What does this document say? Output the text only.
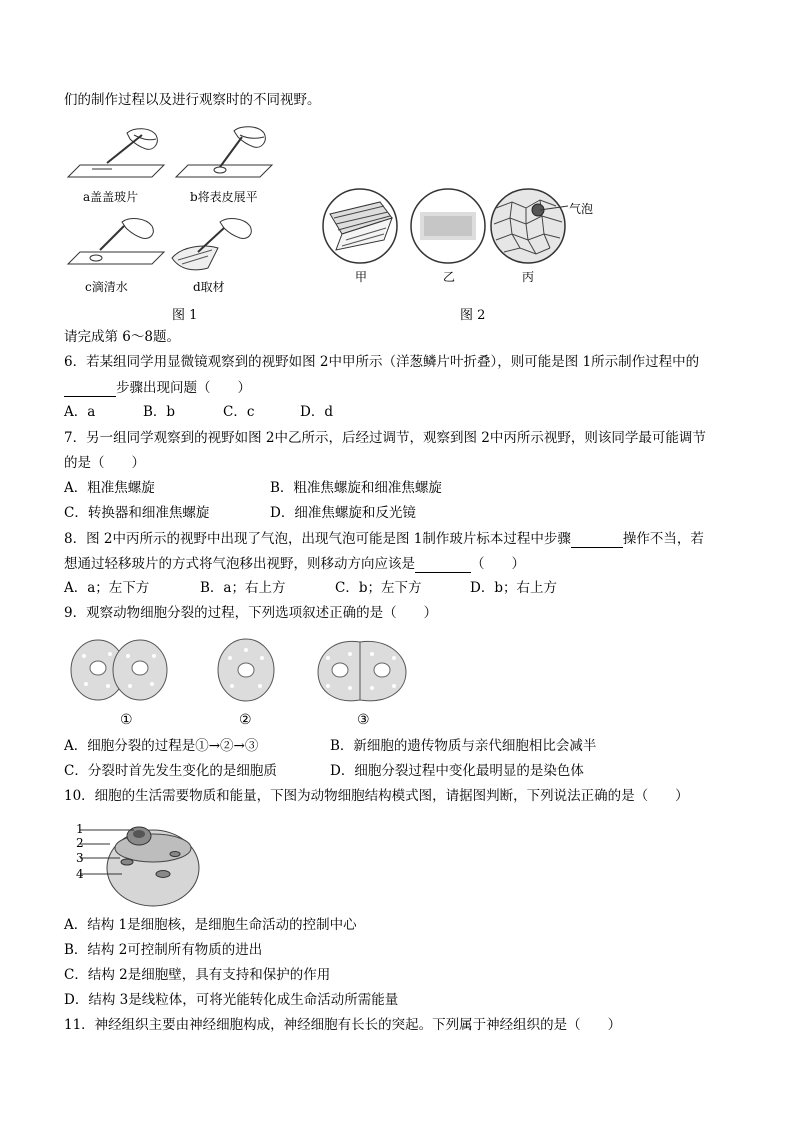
们的制作过程以及进行观察时的不同视野。
a盖盖玻片	b将表皮展平
c滴清水	d取材
图 1
甲	乙
气泡
丙
图 2
请完成第 6～8题。
6．若某组同学用显微镜观察到的视野如图 2中甲所示（洋葱鳞片叶折叠），则可能是图 1所示制作过程中的
步骤出现问题（　　）
A．a	B．b	C．c	D．d
7．另一组同学观察到的视野如图 2中乙所示，后经过调节，观察到图 2中丙所示视野，则该同学最可能调节
的是（　　）
A．粗准焦螺旋	B．粗准焦螺旋和细准焦螺旋
C．转换器和细准焦螺旋	D．细准焦螺旋和反光镜
8．图 2中丙所示的视野中出现了气泡，出现气泡可能是图 1制作玻片标本过程中步骤	操作不当，若
想通过轻移玻片的方式将气泡移出视野，则移动方向应该是	（　　）
A．a；左下方	B．a；右上方	C．b；左下方	D．b；右上方
9．观察动物细胞分裂的过程，下列选项叙述正确的是（　　）
①	②	③
A．细胞分裂的过程是①→②→③	B．新细胞的遗传物质与亲代细胞相比会减半
C．分裂时首先发生变化的是细胞质	D．细胞分裂过程中变化最明显的是染色体
10．细胞的生活需要物质和能量，下图为动物细胞结构模式图，请据图判断，下列说法正确的是（　　）
1
2
3
4
A．结构 1是细胞核，是细胞生命活动的控制中心
B．结构 2可控制所有物质的进出
C．结构 2是细胞壁，具有支持和保护的作用
D．结构 3是线粒体，可将光能转化成生命活动所需能量
11．神经组织主要由神经细胞构成，神经细胞有长长的突起。下列属于神经组织的是（　　）
